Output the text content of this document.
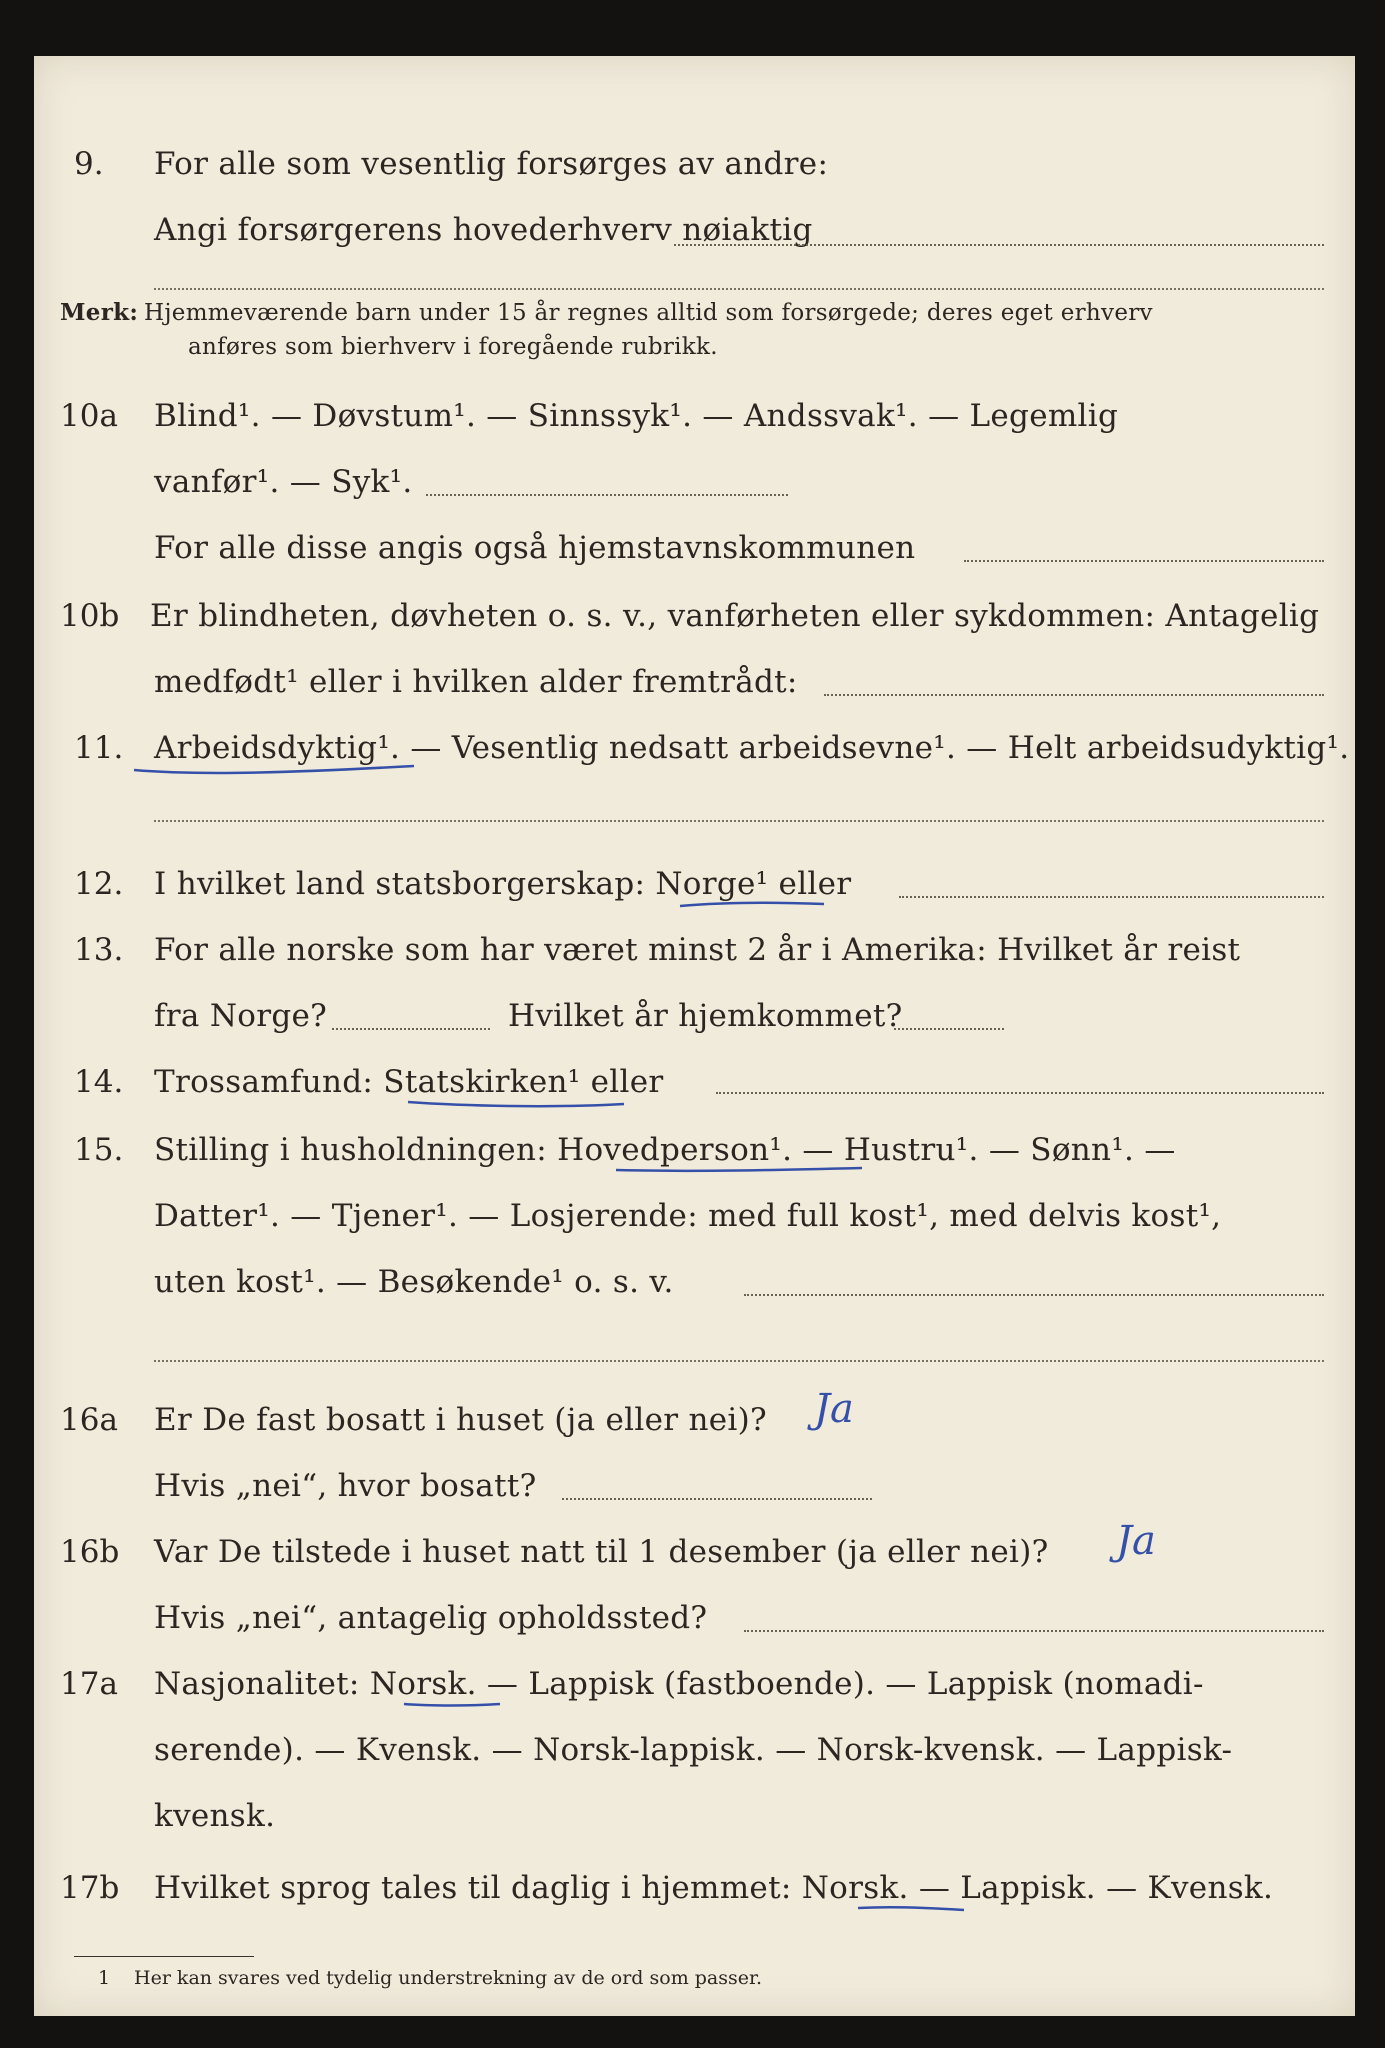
9. For alle som vesentlig forsørges av andre:
Angi forsørgerens hovederhverv nøiaktig
Merk: Hjemmeværende barn under 15 år regnes alltid som forsørgede; deres eget erhverv
anføres som bierhverv i foregående rubrikk.
10a Blind¹. — Døvstum¹. — Sinnssyk¹. — Andssvak¹. — Legemlig
vanfør¹. — Syk¹.
For alle disse angis også hjemstavnskommunen
10b Er blindheten, døvheten o. s. v., vanførheten eller sykdommen: Antagelig
medfødt¹ eller i hvilken alder fremtrådt:
11. Arbeidsdyktig¹. — Vesentlig nedsatt arbeidsevne¹. — Helt arbeidsudyktig¹.
12. I hvilket land statsborgerskap: Norge¹ eller
13. For alle norske som har været minst 2 år i Amerika: Hvilket år reist
fra Norge?	Hvilket år hjemkommet?
14. Trossamfund: Statskirken¹ eller
15. Stilling i husholdningen: Hovedperson¹. — Hustru¹. — Sønn¹. —
Datter¹. — Tjener¹. — Losjerende: med full kost¹, med delvis kost¹,
uten kost¹. — Besøkende¹ o. s. v.
16a Er De fast bosatt i huset (ja eller nei)? Ja
Hvis „nei“, hvor bosatt?
16b Var De tilstede i huset natt til 1 desember (ja eller nei)? Ja
Hvis „nei“, antagelig opholdssted?
17a Nasjonalitet: Norsk. — Lappisk (fastboende). — Lappisk (nomadi-
serende). — Kvensk. — Norsk-lappisk. — Norsk-kvensk. — Lappisk-
kvensk.
17b Hvilket sprog tales til daglig i hjemmet: Norsk. — Lappisk. — Kvensk.
1 Her kan svares ved tydelig understrekning av de ord som passer.
